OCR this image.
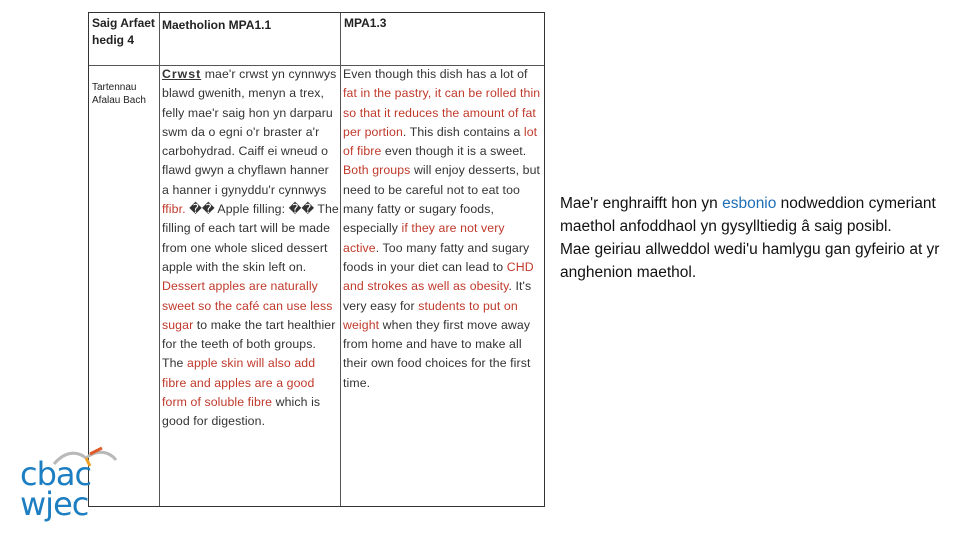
Saig Arfaethedig 4
Maetholion MPA1.1	MPA1.3
Tartennau Afalau Bach
Crwst mae'r crwst yn cynnwys blawd gwenith, menyn a trex, felly mae'r saig hon yn darparu swm da o egni o'r braster a'r carbohydrad. Caiff ei wneud o flawd gwyn a chyflawn hanner a hanner i gynyddu'r cynnwys ffibr. �� Apple filling: �� The filling of each tart will be made from one whole sliced dessert apple with the skin left on. Dessert apples are naturally sweet so the café can use less sugar to make the tart healthier for the teeth of both groups. The apple skin will also add fibre and apples are a good form of soluble fibre which is good for digestion.
Even though this dish has a lot of fat in the pastry, it can be rolled thin so that it reduces the amount of fat per portion. This dish contains a lot of fibre even though it is a sweet. Both groups will enjoy desserts, but need to be careful not to eat too many fatty or sugary foods, especially if they are not very active. Too many fatty and sugary foods in your diet can lead to CHD and strokes as well as obesity. It's very easy for students to put on weight when they first move away from home and have to make all their own food choices for the first time.
Mae'r enghraifft hon yn esbonio nodweddion cymeriant maethol anfoddhaol yn gysylltiedig â saig posibl.
Mae geiriau allweddol wedi'u hamlygu gan gyfeirio at yr anghenion maethol.
cbac
wjec
